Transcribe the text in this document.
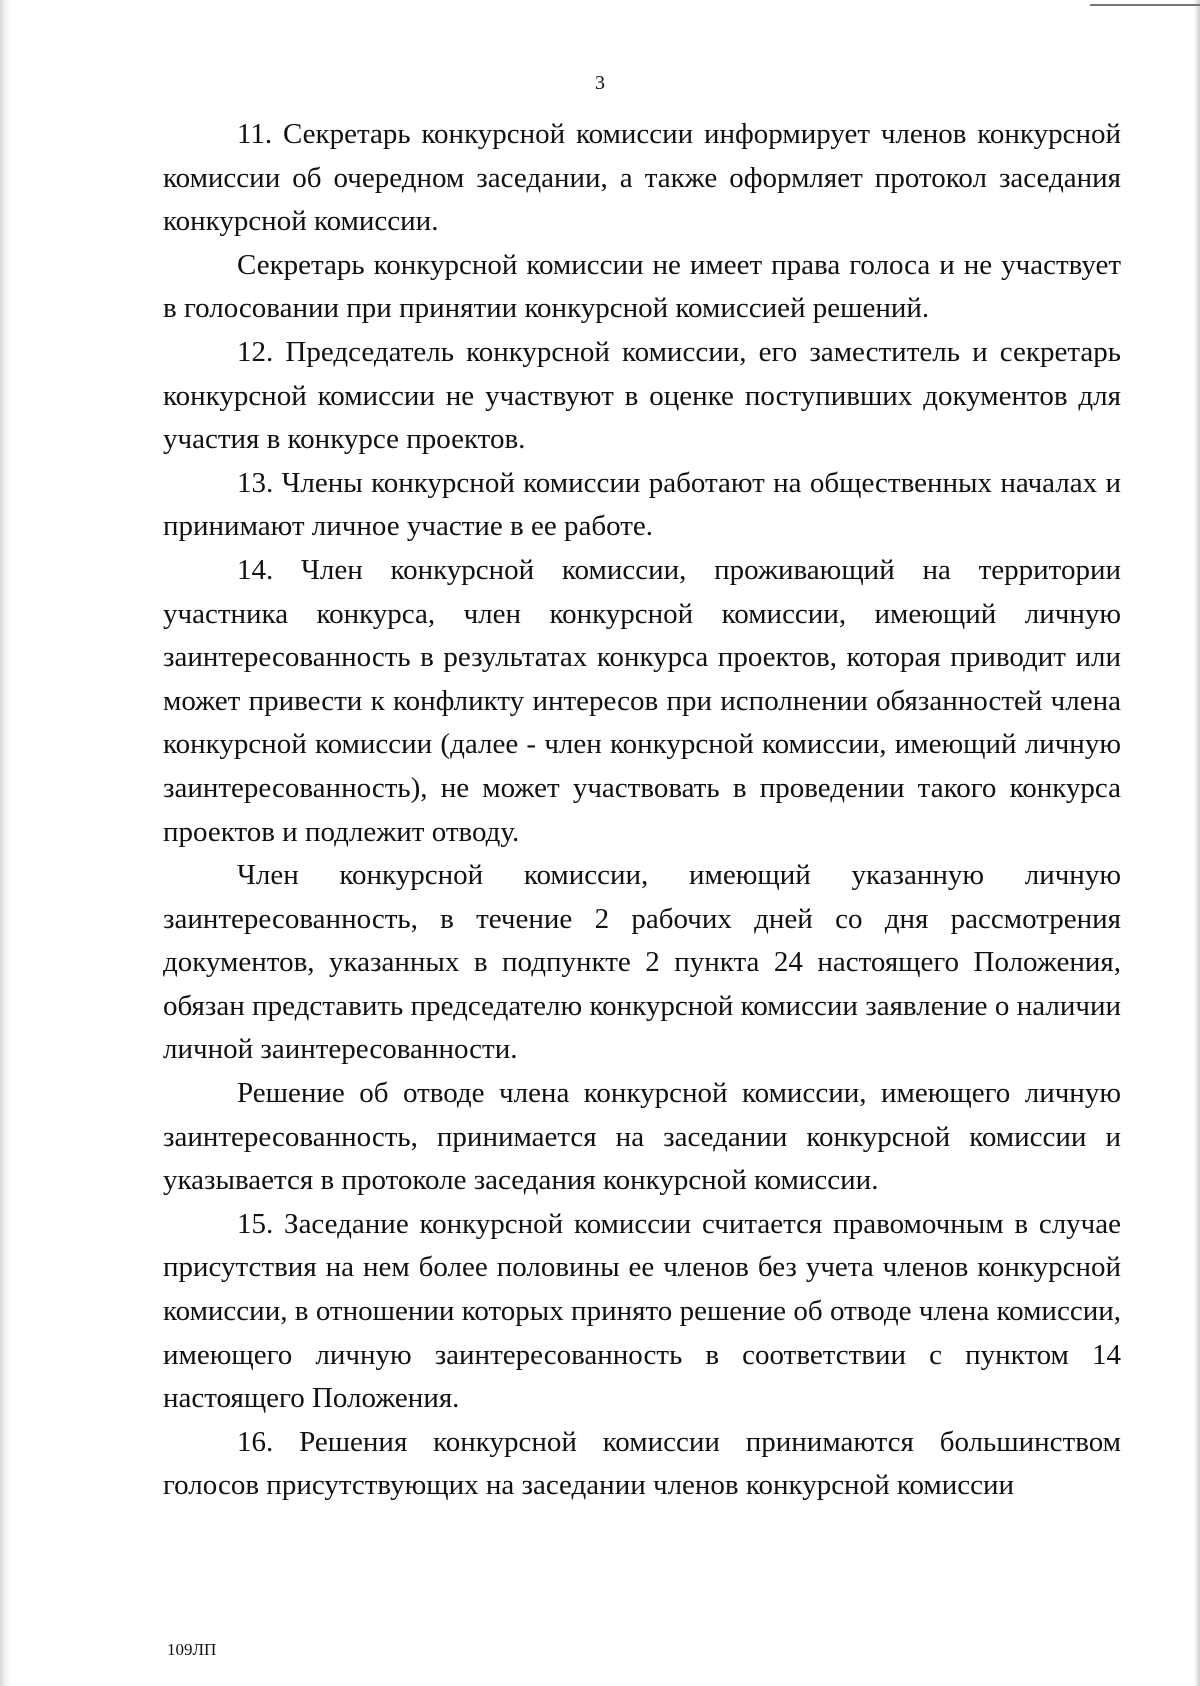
3

11. Секретарь конкурсной комиссии информирует членов конкурсной комиссии об очередном заседании, а также оформляет протокол заседания конкурсной комиссии.

Секретарь конкурсной комиссии не имеет права голоса и не участвует в голосовании при принятии конкурсной комиссией решений.

12. Председатель конкурсной комиссии, его заместитель и секретарь конкурсной комиссии не участвуют в оценке поступивших документов для участия в конкурсе проектов.

13. Члены конкурсной комиссии работают на общественных началах и принимают личное участие в ее работе.

14. Член конкурсной комиссии, проживающий на территории участника конкурса, член конкурсной комиссии, имеющий личную заинтересованность в результатах конкурса проектов, которая приводит или может привести к конфликту интересов при исполнении обязанностей члена конкурсной комиссии (далее - член конкурсной комиссии, имеющий личную заинтересованность), не может участвовать в проведении такого конкурса проектов и подлежит отводу.

Член конкурсной комиссии, имеющий указанную личную заинтересованность, в течение 2 рабочих дней со дня рассмотрения документов, указанных в подпункте 2 пункта 24 настоящего Положения, обязан представить председателю конкурсной комиссии заявление о наличии личной заинтересованности.

Решение об отводе члена конкурсной комиссии, имеющего личную заинтересованность, принимается на заседании конкурсной комиссии и указывается в протоколе заседания конкурсной комиссии.

15. Заседание конкурсной комиссии считается правомочным в случае присутствия на нем более половины ее членов без учета членов конкурсной комиссии, в отношении которых принято решение об отводе члена комиссии, имеющего личную заинтересованность в соответствии с пунктом 14 настоящего Положения.

16. Решения конкурсной комиссии принимаются большинством голосов присутствующих на заседании членов конкурсной комиссии

109ЛП
